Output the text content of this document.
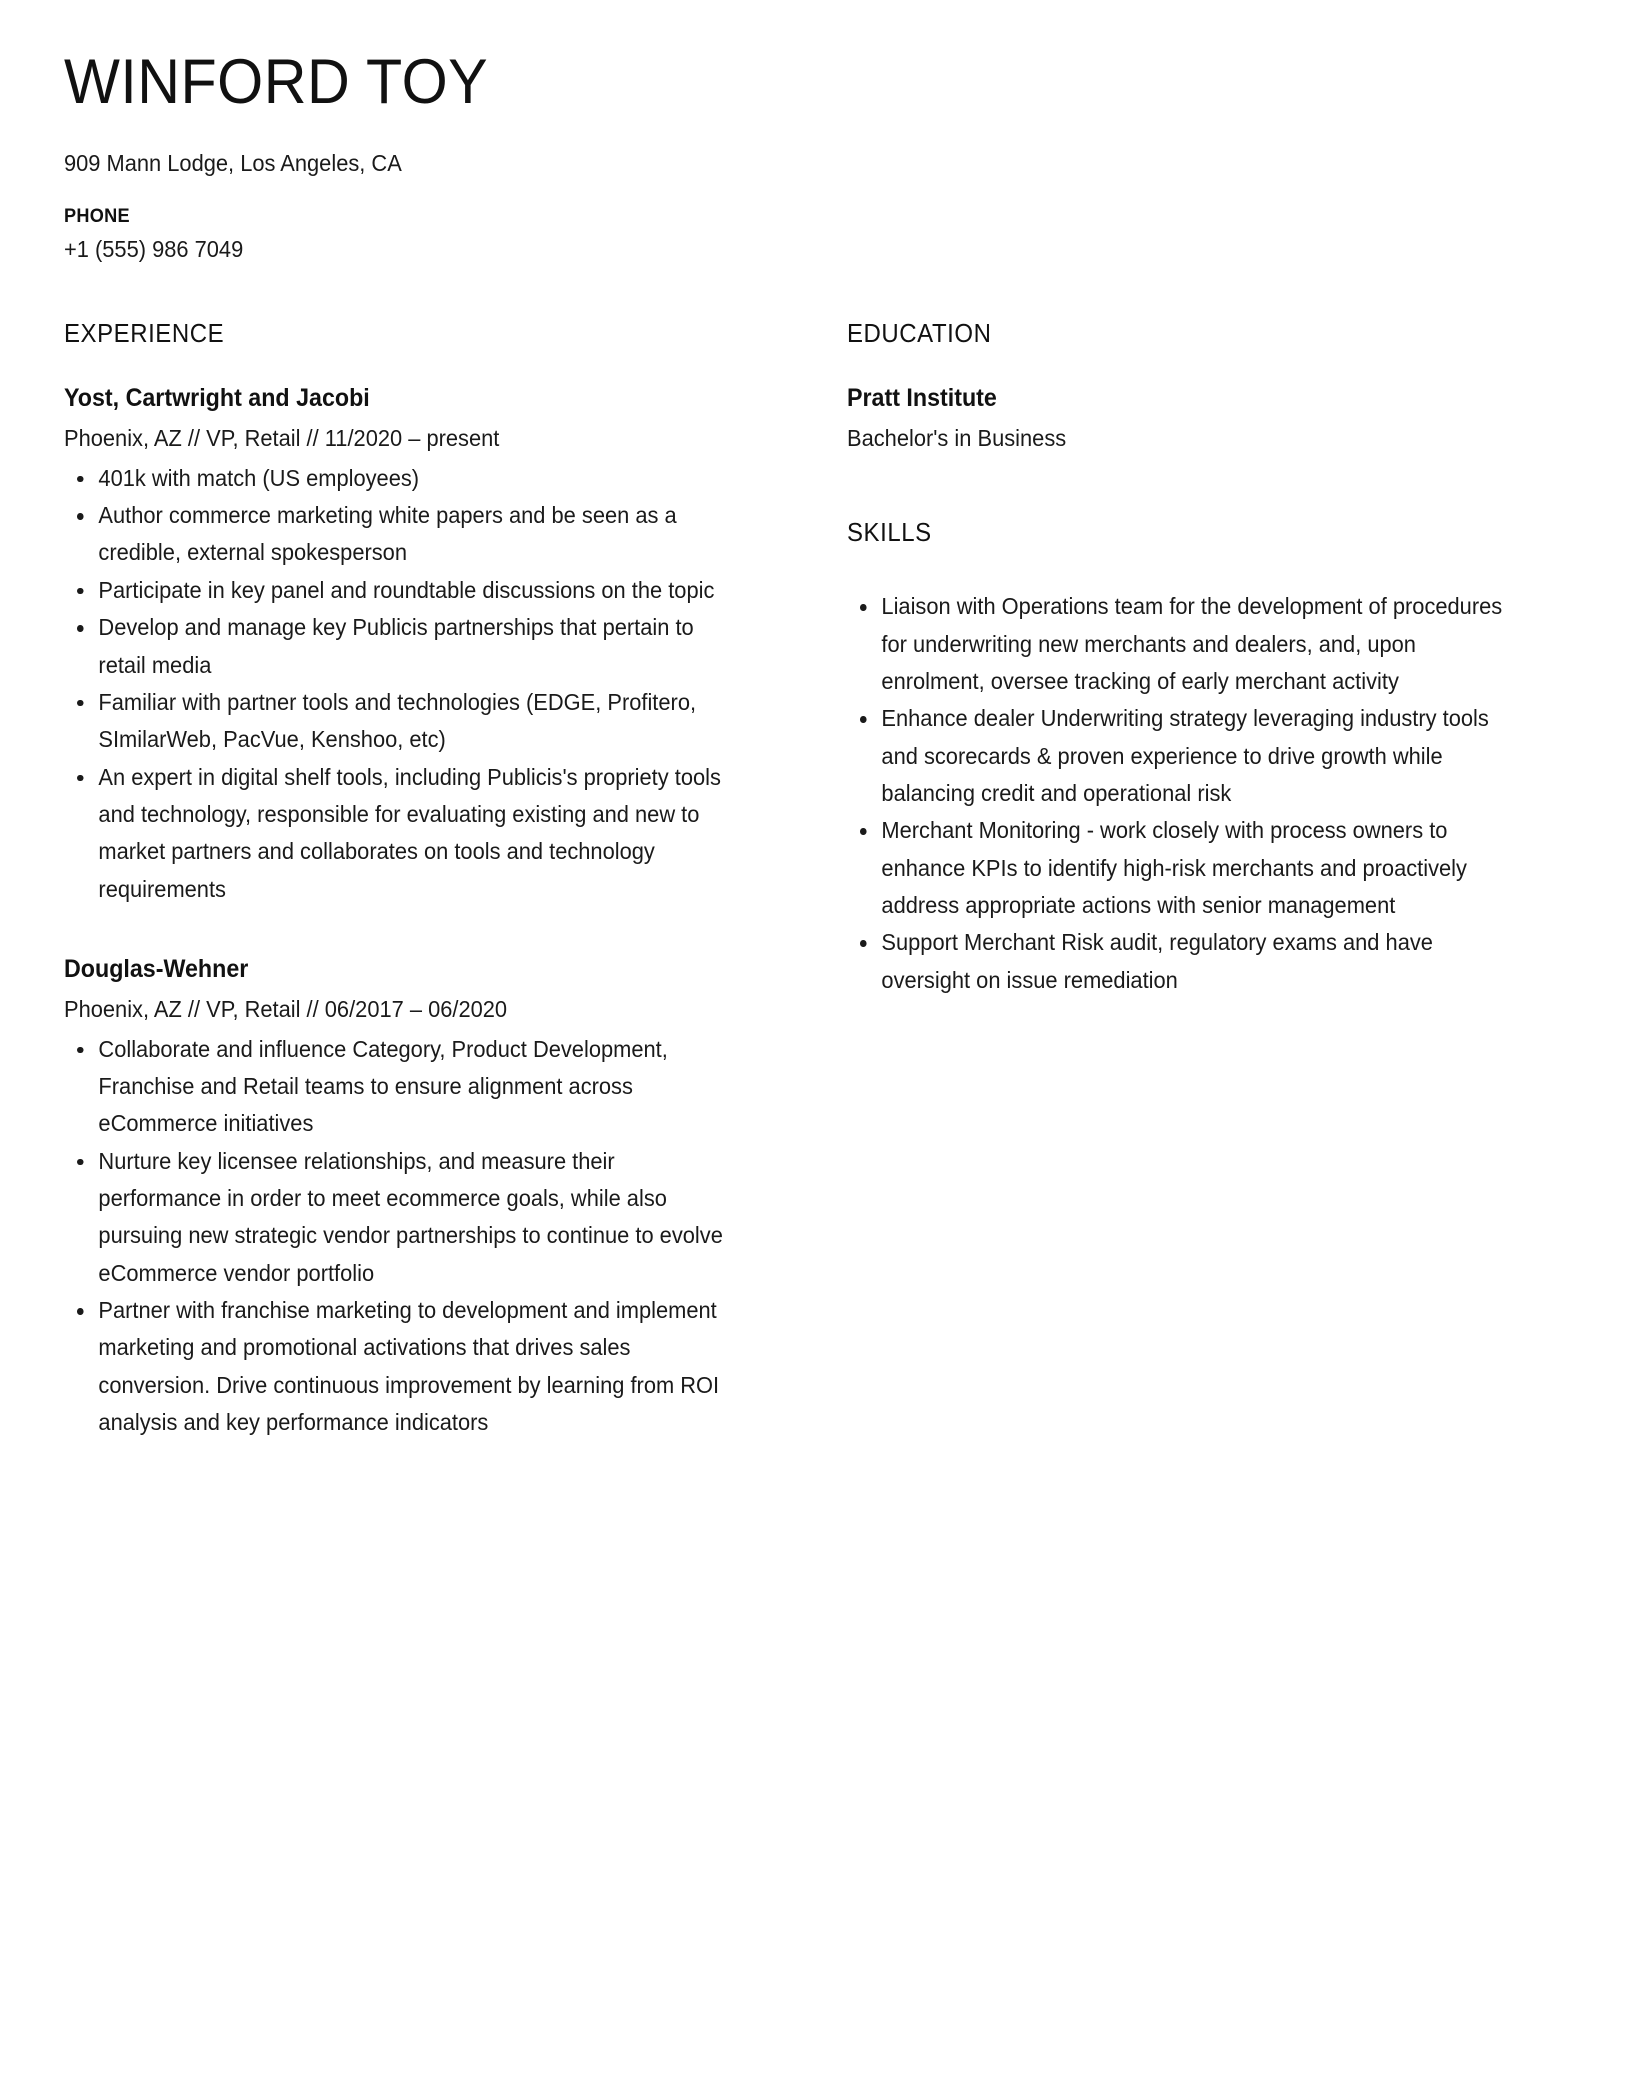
WINFORD TOY

909 Mann Lodge, Los Angeles, CA

PHONE

+1 (555) 986 7049

EXPERIENCE
Yost, Cartwright and Jacobi
Phoenix, AZ // VP, Retail // 11/2020 – present
401k with match (US employees)
Author commerce marketing white papers and be seen as a credible, external spokesperson
Participate in key panel and roundtable discussions on the topic
Develop and manage key Publicis partnerships that pertain to retail media
Familiar with partner tools and technologies (EDGE, Profitero, SImilarWeb, PacVue, Kenshoo, etc)
An expert in digital shelf tools, including Publicis's propriety tools and technology, responsible for evaluating existing and new to market partners and collaborates on tools and technology requirements
Douglas-Wehner
Phoenix, AZ // VP, Retail // 06/2017 – 06/2020
Collaborate and influence Category, Product Development, Franchise and Retail teams to ensure alignment across eCommerce initiatives
Nurture key licensee relationships, and measure their performance in order to meet ecommerce goals, while also pursuing new strategic vendor partnerships to continue to evolve eCommerce vendor portfolio
Partner with franchise marketing to development and implement marketing and promotional activations that drives sales conversion. Drive continuous improvement by learning from ROI analysis and key performance indicators
EDUCATION
Pratt Institute
Bachelor's in Business
SKILLS
Liaison with Operations team for the development of procedures for underwriting new merchants and dealers, and, upon enrolment, oversee tracking of early merchant activity
Enhance dealer Underwriting strategy leveraging industry tools and scorecards & proven experience to drive growth while balancing credit and operational risk
Merchant Monitoring - work closely with process owners to enhance KPIs to identify high-risk merchants and proactively address appropriate actions with senior management
Support Merchant Risk audit, regulatory exams and have oversight on issue remediation
